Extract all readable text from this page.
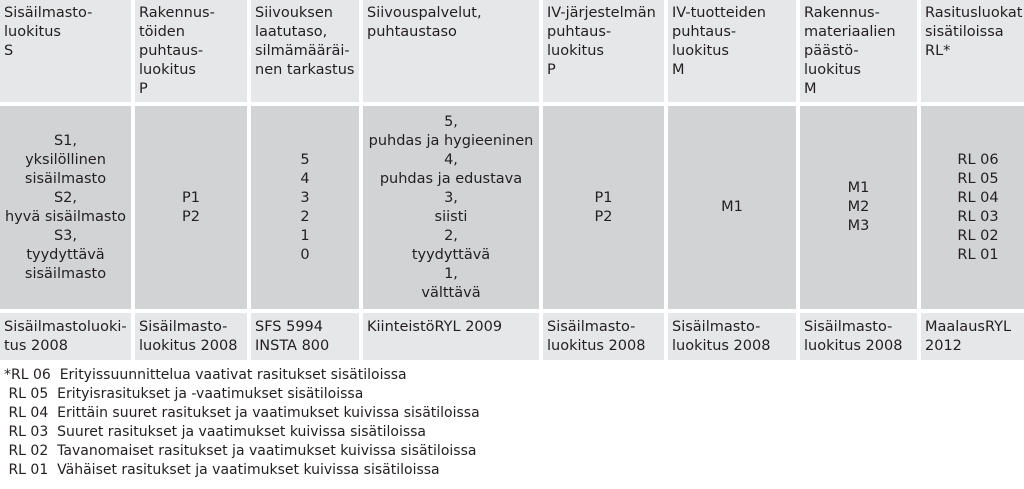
Sisäilmasto-
luokitus
S
Rakennus-
töiden
puhtaus-
luokitus
P
Siivouksen
laatutaso,
silmämääräi-
nen tarkastus
Siivouspalvelut,
puhtaustaso
IV-järjestelmän
puhtaus-
luokitus
P
IV-tuotteiden
puhtaus-
luokitus
M
Rakennus-
materiaalien
päästö-
luokitus
M
Rasitusluokat
sisätiloissa
RL*
S1,
yksilöllinen
sisäilmasto
S2,
hyvä sisäilmasto
S3,
tyydyttävä
sisäilmasto
P1
P2
5
4
3
2
1
0
5,
puhdas ja hygieeninen
4,
puhdas ja edustava
3,
siisti
2,
tyydyttävä
1,
välttävä
P1
P2
M1
M1
M2
M3
RL 06
RL 05
RL 04
RL 03
RL 02
RL 01
Sisäilmastoluoki-
tus 2008
Sisäilmasto-
luokitus 2008
SFS 5994
INSTA 800
KiinteistöRYL 2009	Sisäilmasto-
luokitus 2008
Sisäilmasto-
luokitus 2008
Sisäilmasto-
luokitus 2008
MaalausRYL
2012
*RL 06 Erityissuunnittelua vaativat rasitukset sisätiloissa
RL 05 Erityisrasitukset ja -vaatimukset sisätiloissa
RL 04 Erittäin suuret rasitukset ja vaatimukset kuivissa sisätiloissa
RL 03 Suuret rasitukset ja vaatimukset kuivissa sisätiloissa
RL 02 Tavanomaiset rasitukset ja vaatimukset kuivissa sisätiloissa
RL 01 Vähäiset rasitukset ja vaatimukset kuivissa sisätiloissa
